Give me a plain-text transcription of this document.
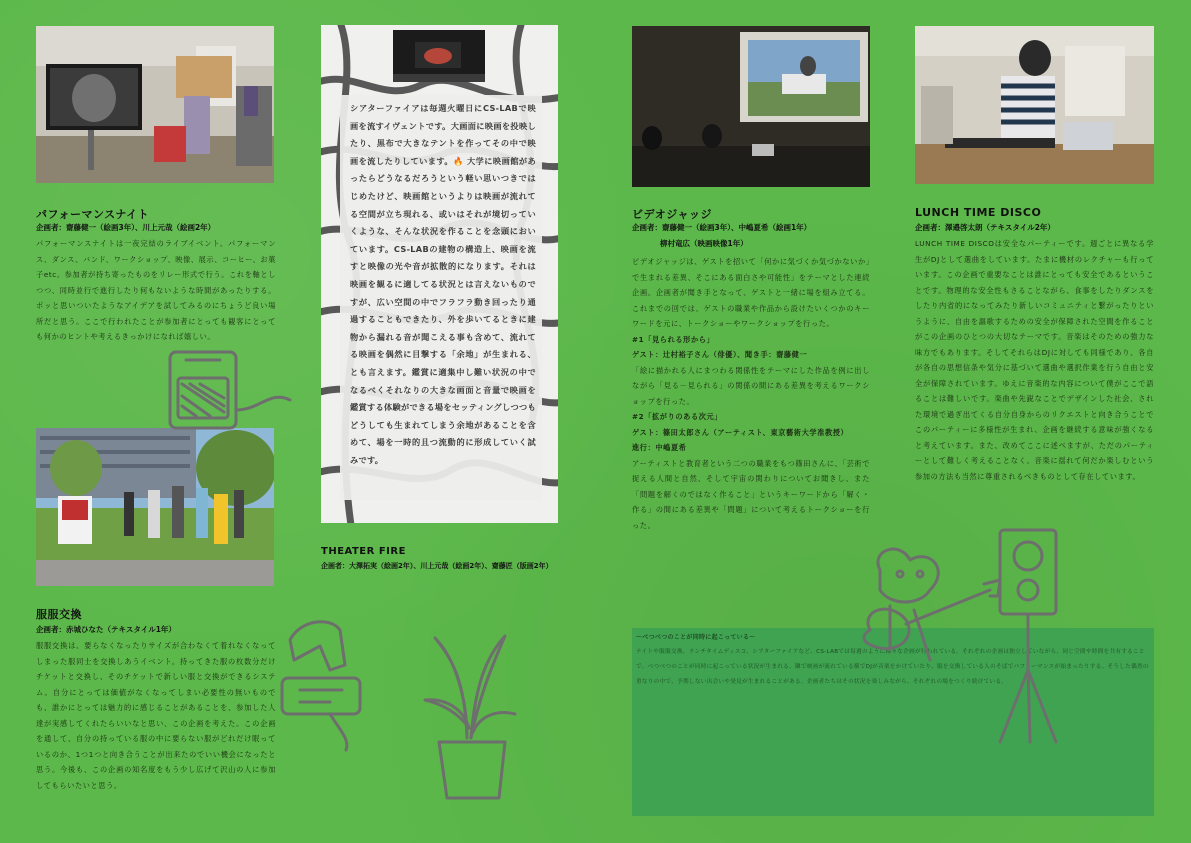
パフォーマンスナイト
企画者：齋藤健一（絵画3年）、川上元哉（絵画2年）
パフォーマンスナイトは一夜完結のライブイベント。パフォーマンス、ダンス、バンド、ワークショップ、映像、展示、コーヒー、お菓子etc。参加者が持ち寄ったものをリレー形式で行う。これを軸としつつ、同時並行で進行したり何もないような時間があったりする。ポッと思いついたようなアイデアを試してみるのにちょうど良い場所だと思う。ここで行われたことが参加者にとっても観客にとっても何かのヒントや考えるきっかけになれば嬉しい。
服服交換
企画者：赤城ひなた（テキスタイル1年）
服服交換は、要らなくなったりサイズが合わなくて着れなくなってしまった服同士を交換しあうイベント。持ってきた服の枚数分だけチケットと交換し、そのチケットで新しい服と交換ができるシステム。自分にとっては価値がなくなってしまい必要性の無いものでも、誰かにとっては魅力的に感じることがあることを、参加した人達が実感してくれたらいいなと思い、この企画を考えた。この企画を通して、自分の持っている服の中に要らない服がどれだけ眠っているのか、1つ1つと向き合うことが出来たのでいい機会になったと思う。今後も、この企画の知名度をもう少し広げて沢山の人に参加してもらいたいと思う。
シアターファイアは毎週火曜日にCS-LABで映画を流すイヴェントです。大画面に映画を投映したり、黒布で大きなテントを作ってその中で映画を流したりしています。🔥 大学に映画館があったらどうなるだろうという軽い思いつきではじめたけど、映画館というよりは映画が流れてる空間が立ち現れる、或いはそれが境切っていくような、そんな状況を作ることを念頭においています。CS-LABの建物の構造上、映画を流すと映像の光や音が拡散的になります。それは映画を観るに適してる状況とは言えないものですが、広い空間の中でフラフラ動き回ったり通過することもできたり、外を歩いてるときに建物から漏れる音が聞こえる事も含めて、流れてる映画を偶然に目撃する「余地」が生まれる、とも言えます。鑑賞に適集中し難い状況の中でなるべくそれなりの大きな画面と音量で映画を鑑賞する体験ができる場をセッティングしつつもどうしても生まれてしまう余地があることを含めて、場を一時的且つ流動的に形成していく試みです。
THEATER FIRE
企画者：大澤拓実（絵画2年）、川上元哉（絵画2年）、齋藤匠（版画2年）
ビデオジャッジ
企画者：齋藤健一（絵画3年）、中嶋夏希（絵画1年）
柳村竜広（映画映像1年）

ビデオジャッジは、ゲストを招いて「何かに気づくか気づかないか」で生まれる差異、そこにある面白さや可能性」をテーマとした連続企画。企画者が聞き手となって、ゲストと一緒に場を組み立てる。これまでの回では、ゲストの職業や作品から設けたいくつかのキーワードを元に、トークショーやワークショップを行った。

#1「見られる形から」

ゲスト：辻村裕子さん（俳優）、聞き手：齋藤健一

「絵に描かれる人にまつわる関係性をテーマにした作品を例に出しながら「見る－見られる」の関係の間にある差異を考えるワークショップを行った。

#2「拡がりのある次元」

ゲスト：篠田太郎さん（アーティスト、東京藝術大学准教授）

進行：中嶋夏希

アーティストと教育者という二つの職業をもつ篠田さんに、「芸術で捉える人間と自然、そして宇宙の関わりについてお聞きし、また「問題を解くのではなく作ること」というキーワードから「解く・作る」の間にある差異や「問題」について考えるトークショーを行った。

LUNCH TIME DISCO
企画者：澤邉啓太朗（テキスタイル2年）
LUNCH TIME DISCOは安全なパーティーです。週ごとに異なる学生がDJとして選曲をしています。たまに機材のレクチャーも行っています。この企画で重要なことは誰にとっても安全であるということです。物理的な安全性もさることながら、食事をしたりダンスをしたり内省的になってみたり新しいコミュニティと繋がったりというように、自由を謳歌するための安全が保障された空間を作ることがこの企画のひとつの大切なテーマです。音楽はそのための強力な味方でもあります。そしてそれらはDJに対しても同様であり、各自が各自の思想信条や気分に基づいて選曲や選択作業を行う自由と安全が保障されています。ゆえに音楽的な内容について僕がここで語ることは難しいです。楽曲や先鋭なことでデザインした社会、された環境で過ぎ出てくる自分自身からのリクエストと向き合うことでこのパーティーに多様性が生まれ、企画を継続する意味が強くなると考えています。また、改めてここに述べますが、ただのパーティーとして難しく考えることなく、音楽に揺れて何だか楽しむという参加の方法も当然に尊重されるべきものとして存在しています。
〜べつべつのことが同時に起こっている〜
ナイトや服服交換、ランチタイムディスコ、シアターファイアなど、CS-LABでは毎週のように様々な企画が行われている。それぞれの企画は独立していながら、同じ空間や時間を共有することで、べつべつのことが同時に起こっている状況が生まれる。隣で映画が流れている横でDJが音楽をかけていたり、服を交換している人のそばでパフォーマンスが始まったりする。そうした偶然の重なりの中で、予期しない出会いや発見が生まれることがある。企画者たちはその状況を楽しみながら、それぞれの場をつくり続けている。
